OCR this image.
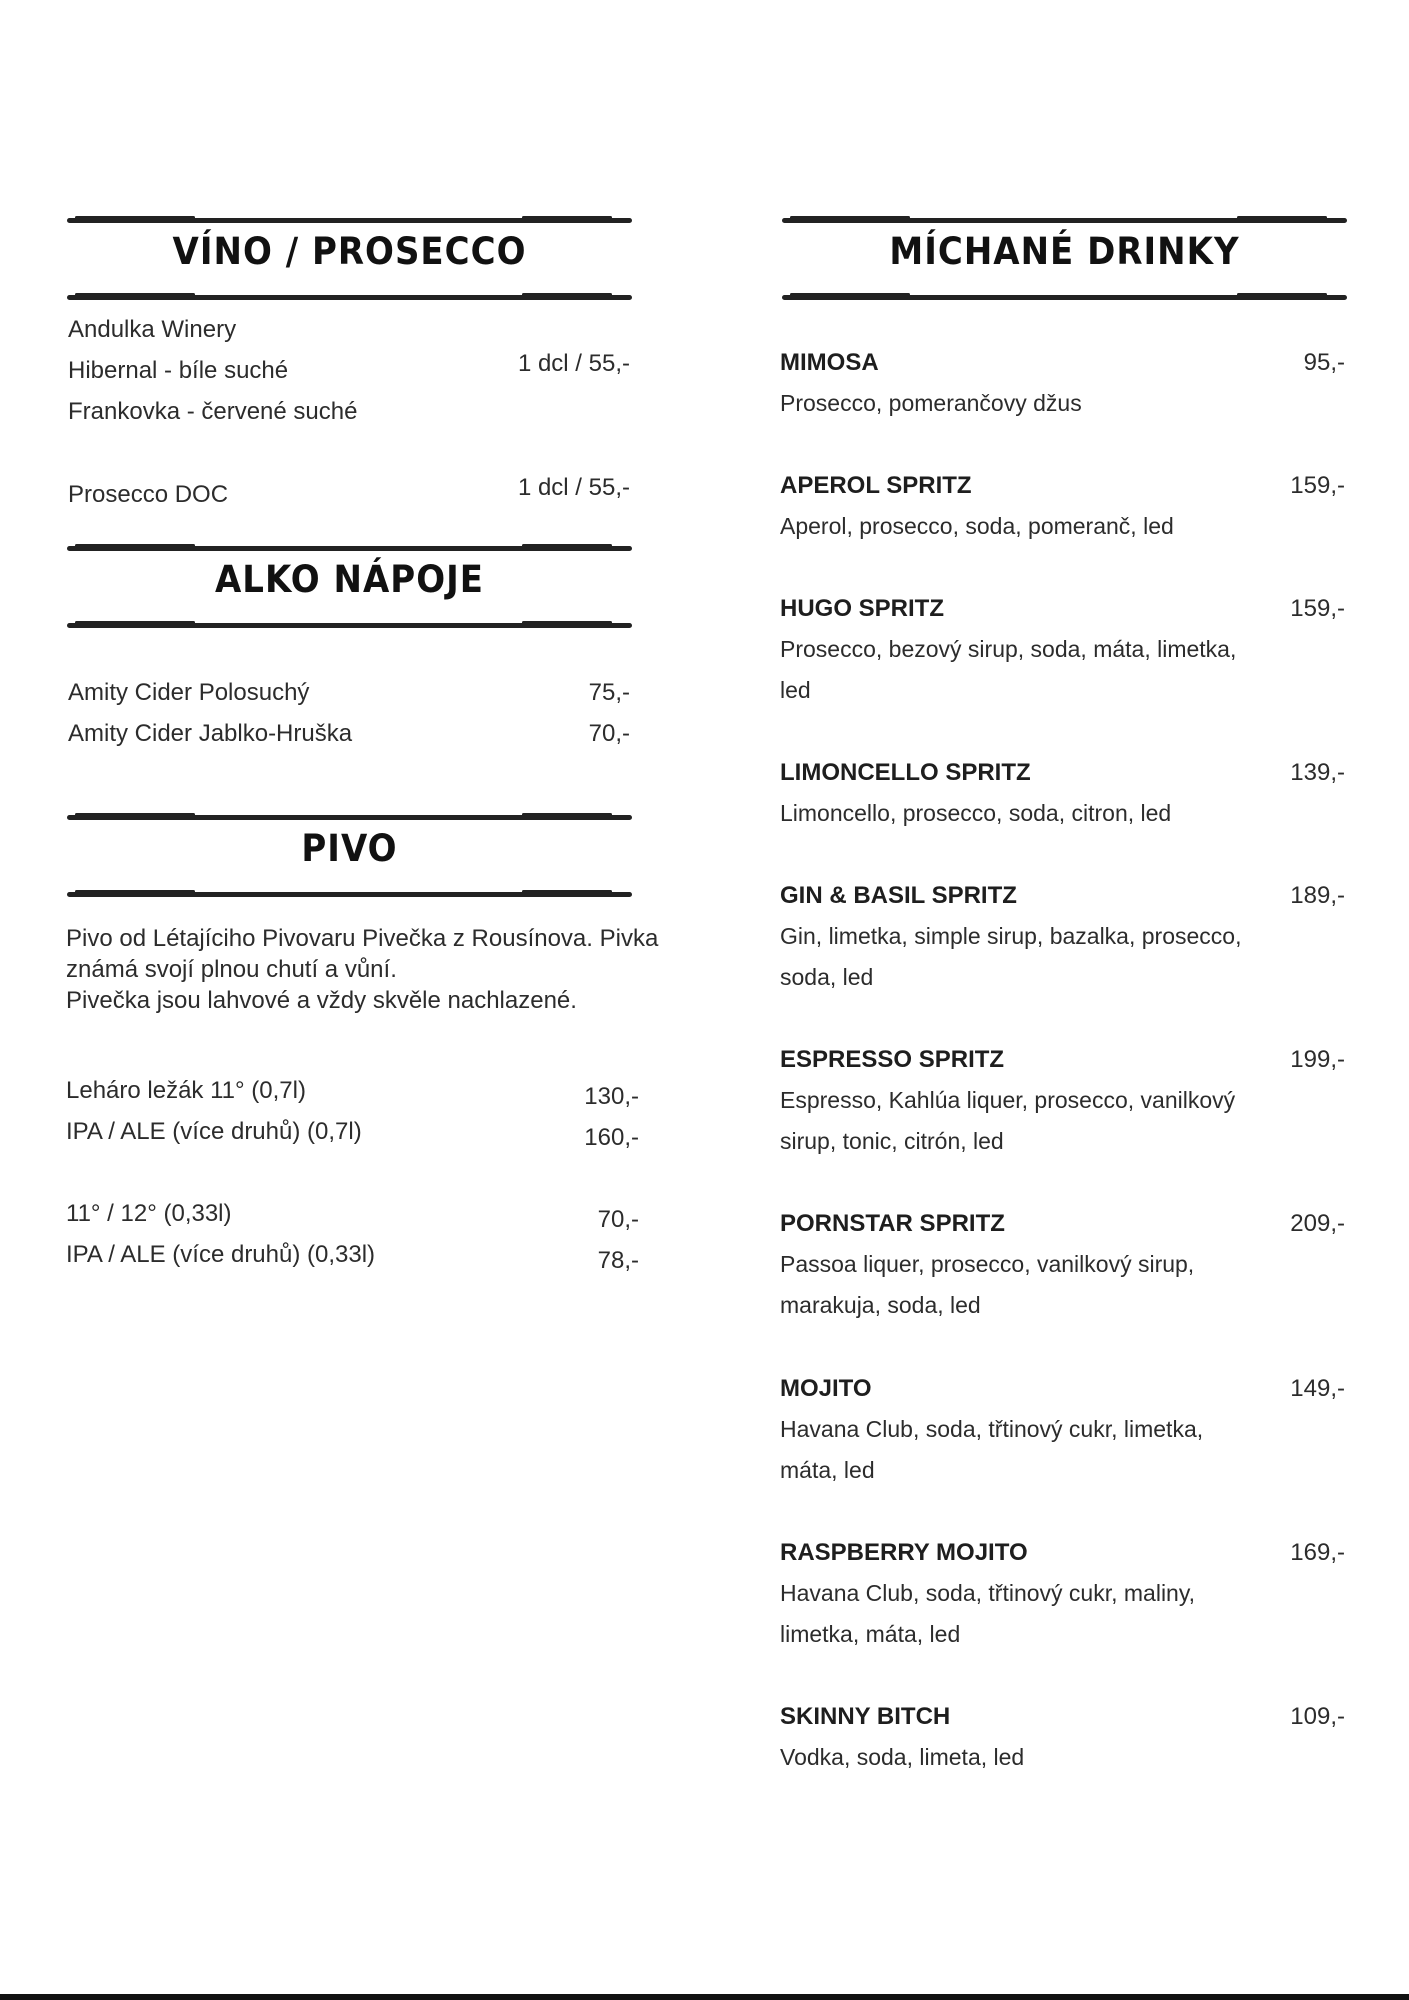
VÍNO / PROSECCO
Andulka Winery
Hibernal - bíle suché
Frankovka - červené suché
1 dcl / 55,-
Prosecco DOC	1 dcl / 55,-
ALKO NÁPOJE
Amity Cider Polosuchý	75,-
Amity Cider Jablko-Hruška	70,-
PIVO
Pivo od Létajíciho Pivovaru Pivečka z Rousínova. Pivka
známá svojí plnou chutí a vůní.
Pivečka jsou lahvové a vždy skvěle nachlazené.
Leháro ležák 11° (0,7l)	130,-
IPA / ALE (více druhů) (0,7l)	160,-
11° / 12° (0,33l)	70,-
IPA / ALE (více druhů) (0,33l)	78,-
MÍCHANÉ DRINKY
MIMOSA	95,-
Prosecco, pomerančovy džus
APEROL SPRITZ	159,-
Aperol, prosecco, soda, pomeranč, led
HUGO SPRITZ	159,-
Prosecco, bezový sirup, soda, máta, limetka, led
LIMONCELLO SPRITZ	139,-
Limoncello, prosecco, soda, citron, led
GIN & BASIL SPRITZ	189,-
Gin, limetka, simple sirup, bazalka, prosecco, soda, led
ESPRESSO SPRITZ	199,-
Espresso, Kahlúa liquer, prosecco, vanilkový sirup, tonic, citrón, led
PORNSTAR SPRITZ	209,-
Passoa liquer, prosecco, vanilkový sirup, marakuja, soda, led
MOJITO	149,-
Havana Club, soda, třtinový cukr, limetka, máta, led
RASPBERRY MOJITO	169,-
Havana Club, soda, třtinový cukr, maliny, limetka, máta, led
SKINNY BITCH	109,-
Vodka, soda, limeta, led
